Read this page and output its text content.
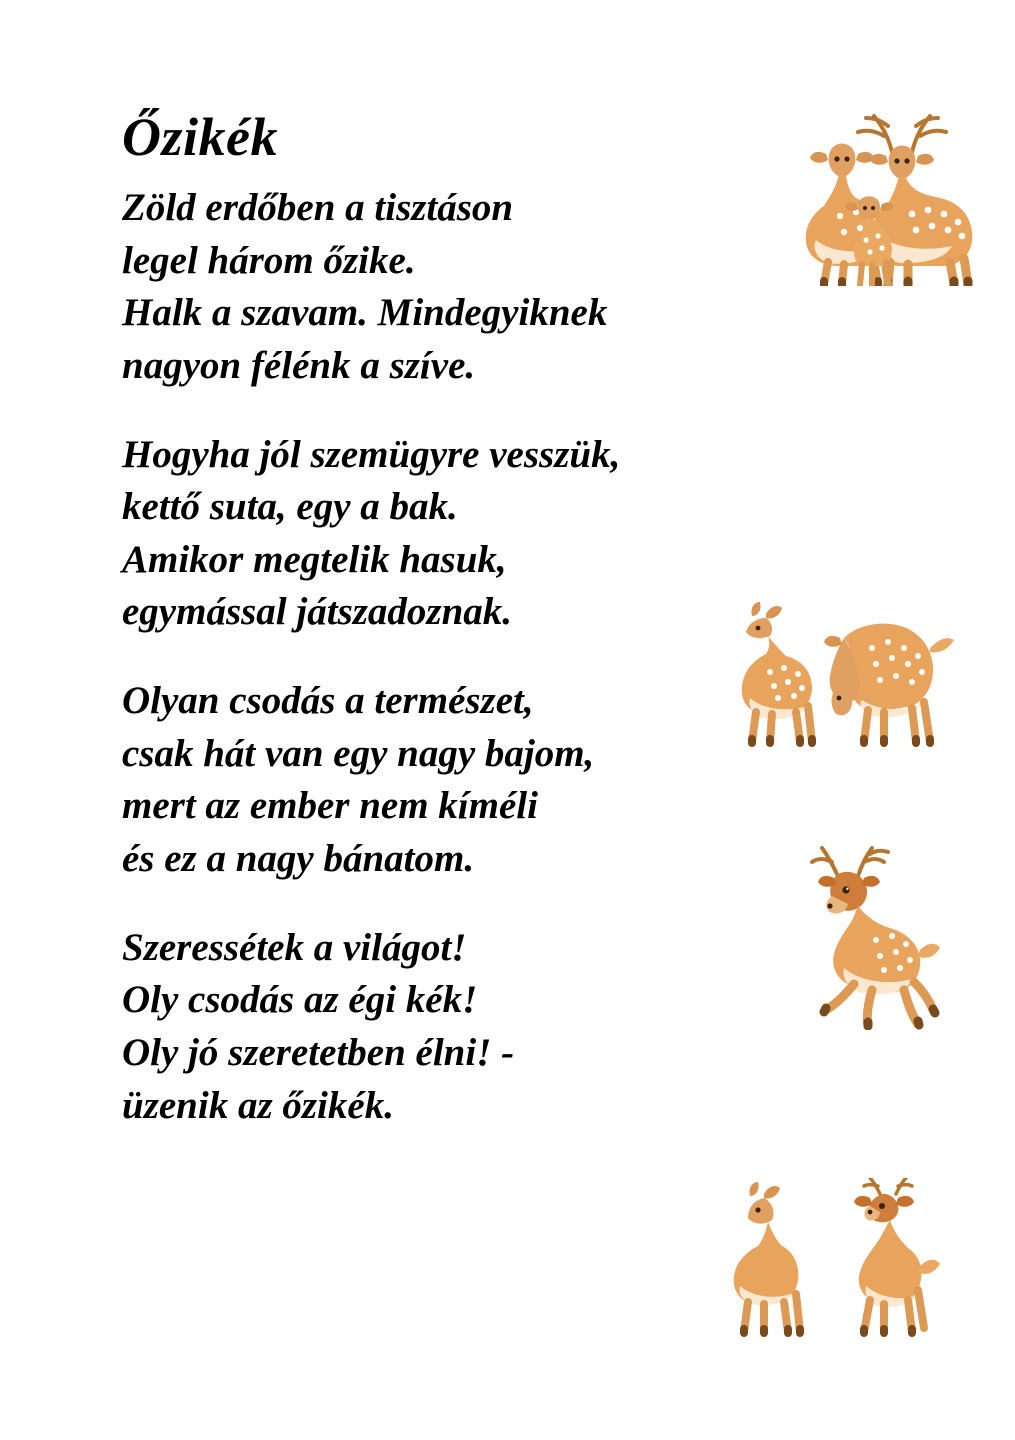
Őzikék
Zöld erdőben a tisztáson
legel három őzike.
Halk a szavam. Mindegyiknek
nagyon félénk a szíve.
Hogyha jól szemügyre vesszük,
kettő suta, egy a bak.
Amikor megtelik hasuk,
egymással játszadoznak.
Olyan csodás a természet,
csak hát van egy nagy bajom,
mert az ember nem kíméli
és ez a nagy bánatom.
Szeressétek a világot!
Oly csodás az égi kék!
Oly jó szeretetben élni! -
üzenik az őzikék.
